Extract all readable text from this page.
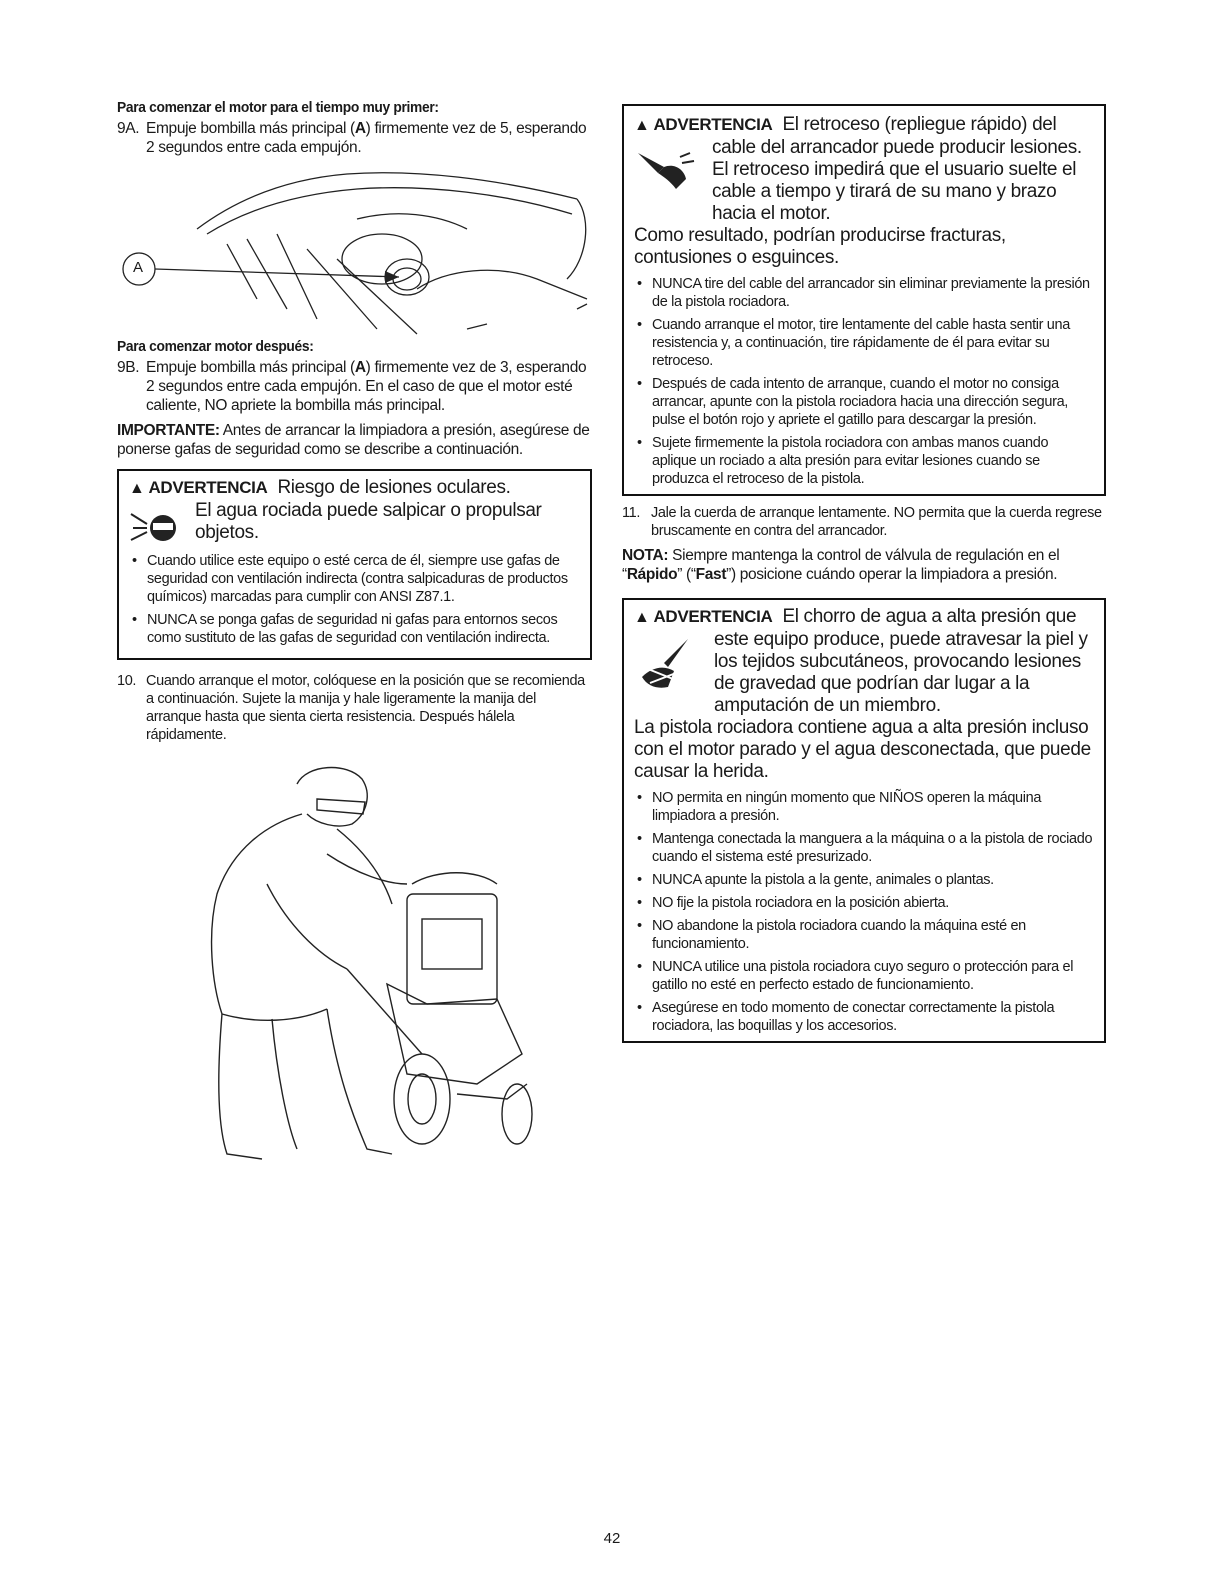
Para comenzar el motor para el tiempo muy primer:

9A. Empuje bombilla más principal (A) firmemente vez de 5, esperando 2 segundos entre cada empujón.

A
Para comenzar motor después:

9B. Empuje bombilla más principal (A) firmemente vez de 3, esperando 2 segundos entre cada empujón. En el caso de que el motor esté caliente, NO apriete la bombilla más principal.

IMPORTANTE: Antes de arrancar la limpiadora a presión, asegúrese de ponerse gafas de seguridad como se describe a continuación.

▲ ADVERTENCIA Riesgo de lesiones oculares.
El agua rociada puede salpicar o propulsar objetos.
• Cuando utilice este equipo o esté cerca de él, siempre use gafas de seguridad con ventilación indirecta (contra salpicaduras de productos químicos) marcadas para cumplir con ANSI Z87.1.
• NUNCA se ponga gafas de seguridad ni gafas para entornos secos como sustituto de las gafas de seguridad con ventilación indirecta.

10. Cuando arranque el motor, colóquese en la posición que se recomienda a continuación. Sujete la manija y hale ligeramente la manija del arranque hasta que sienta cierta resistencia. Después hálela rápidamente.

▲ ADVERTENCIA El retroceso (repliegue rápido) del
cable del arrancador puede producir lesiones. El retroceso impedirá que el usuario suelte el cable a tiempo y tirará de su mano y brazo hacia el motor.
Como resultado, podrían producirse fracturas, contusiones o esguinces.
• NUNCA tire del cable del arrancador sin eliminar previamente la presión de la pistola rociadora.
• Cuando arranque el motor, tire lentamente del cable hasta sentir una resistencia y, a continuación, tire rápidamente de él para evitar su retroceso.
• Después de cada intento de arranque, cuando el motor no consiga arrancar, apunte con la pistola rociadora hacia una dirección segura, pulse el botón rojo y apriete el gatillo para descargar la presión.
• Sujete firmemente la pistola rociadora con ambas manos cuando aplique un rociado a alta presión para evitar lesiones cuando se produzca el retroceso de la pistola.

11. Jale la cuerda de arranque lentamente. NO permita que la cuerda regrese bruscamente en contra del arrancador.

NOTA: Siempre mantenga la control de válvula de regulación en el “Rápido” (“Fast”) posicione cuándo operar la limpiadora a presión.

▲ ADVERTENCIA El chorro de agua a alta presión que
este equipo produce, puede atravesar la piel y los tejidos subcutáneos, provocando lesiones de gravedad que podrían dar lugar a la amputación de un miembro.
La pistola rociadora contiene agua a alta presión incluso con el motor parado y el agua desconectada, que puede causar la herida.
• NO permita en ningún momento que NIÑOS operen la máquina limpiadora a presión.
• Mantenga conectada la manguera a la máquina o a la pistola de rociado cuando el sistema esté presurizado.
• NUNCA apunte la pistola a la gente, animales o plantas.
• NO fije la pistola rociadora en la posición abierta.
• NO abandone la pistola rociadora cuando la máquina esté en funcionamiento.
• NUNCA utilice una pistola rociadora cuyo seguro o protección para el gatillo no esté en perfecto estado de funcionamiento.
• Asegúrese en todo momento de conectar correctamente la pistola rociadora, las boquillas y los accesorios.
42
